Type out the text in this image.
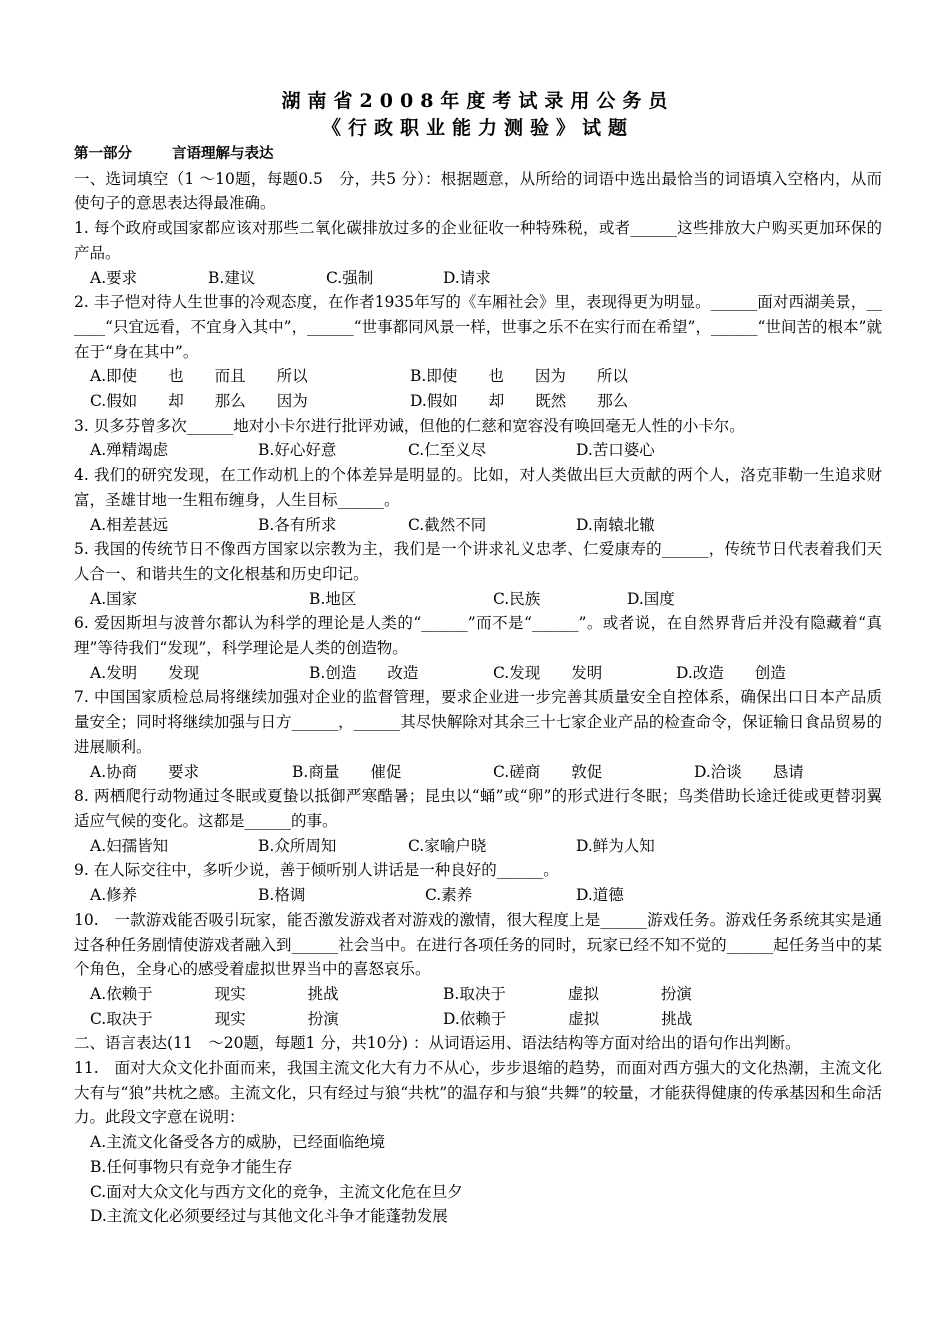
湖南省2008年度考试录用公务员
《行政职业能力测验》试题
第一部分	言语理解与表达

一、选词填空（1 ～10题，每题0.5　分，共5 分）：根据题意，从所给的词语中选出最恰当的词语填入空格内，从而使句子的意思表达得最准确。

1. 每个政府或国家都应该对那些二氧化碳排放过多的企业征收一种特殊税，或者______这些排放大户购买更加环保的产品。

A.要求	B.建议	C.强制	D.请求

2. 丰子恺对待人生世事的冷观态度，在作者1935年写的《车厢社会》里，表现得更为明显。______面对西湖美景，______“只宜远看，不宜身入其中”，______“世事都同风景一样，世事之乐不在实行而在希望”，______“世间苦的根本”就在于“身在其中”。

A.即使　　也　　而且　　所以	B.即使　　也　　因为　　所以
C.假如　　却　　那么　　因为	D.假如　　却　　既然　　那么

3. 贝多芬曾多次______地对小卡尔进行批评劝诫，但他的仁慈和宽容没有唤回毫无人性的小卡尔。

A.殚精竭虑	B.好心好意	C.仁至义尽	D.苦口婆心

4. 我们的研究发现，在工作动机上的个体差异是明显的。比如，对人类做出巨大贡献的两个人，洛克菲勒一生追求财富，圣雄甘地一生粗布缠身，人生目标______。

A.相差甚远	B.各有所求	C.截然不同	D.南辕北辙

5. 我国的传统节日不像西方国家以宗教为主，我们是一个讲求礼义忠孝、仁爱康寿的______，传统节日代表着我们天人合一、和谐共生的文化根基和历史印记。

A.国家	B.地区	C.民族	D.国度

6. 爱因斯坦与波普尔都认为科学的理论是人类的“______”而不是“______”。或者说，在自然界背后并没有隐藏着“真理”等待我们“发现”，科学理论是人类的创造物。

A.发明　　发现	B.创造　　改造	C.发现　　发明	D.改造　　创造

7. 中国国家质检总局将继续加强对企业的监督管理，要求企业进一步完善其质量安全自控体系，确保出口日本产品质量安全；同时将继续加强与日方______，______其尽快解除对其余三十七家企业产品的检查命令，保证输日食品贸易的进展顺利。

A.协商　　要求	B.商量　　催促	C.磋商　　敦促	D.洽谈　　恳请

8. 两栖爬行动物通过冬眠或夏蛰以抵御严寒酷暑；昆虫以“蛹”或“卵”的形式进行冬眠；鸟类借助长途迁徙或更替羽翼适应气候的变化。这都是______的事。

A.妇孺皆知	B.众所周知	C.家喻户晓	D.鲜为人知

9. 在人际交往中，多听少说，善于倾听别人讲话是一种良好的______。

A.修养	B.格调	C.素养	D.道德

10.　一款游戏能否吸引玩家，能否激发游戏者对游戏的激情，很大程度上是______游戏任务。游戏任务系统其实是通过各种任务剧情使游戏者融入到______社会当中。在进行各项任务的同时，玩家已经不知不觉的______起任务当中的某个角色，全身心的感受着虚拟世界当中的喜怒哀乐。

A.依赖于　　　　现实　　　　挑战	B.取决于　　　　虚拟　　　　扮演
C.取决于　　　　现实　　　　扮演	D.依赖于　　　　虚拟　　　　挑战

二、语言表达(11　～20题，每题1 分，共10分) ：从词语运用、语法结构等方面对给出的语句作出判断。

11.　面对大众文化扑面而来，我国主流文化大有力不从心，步步退缩的趋势，而面对西方强大的文化热潮，主流文化大有与“狼”共枕之感。主流文化，只有经过与狼“共枕”的温存和与狼“共舞”的较量，才能获得健康的传承基因和生命活力。此段文字意在说明：

A.主流文化备受各方的威胁，已经面临绝境
B.任何事物只有竞争才能生存
C.面对大众文化与西方文化的竞争，主流文化危在旦夕
D.主流文化必须要经过与其他文化斗争才能蓬勃发展
